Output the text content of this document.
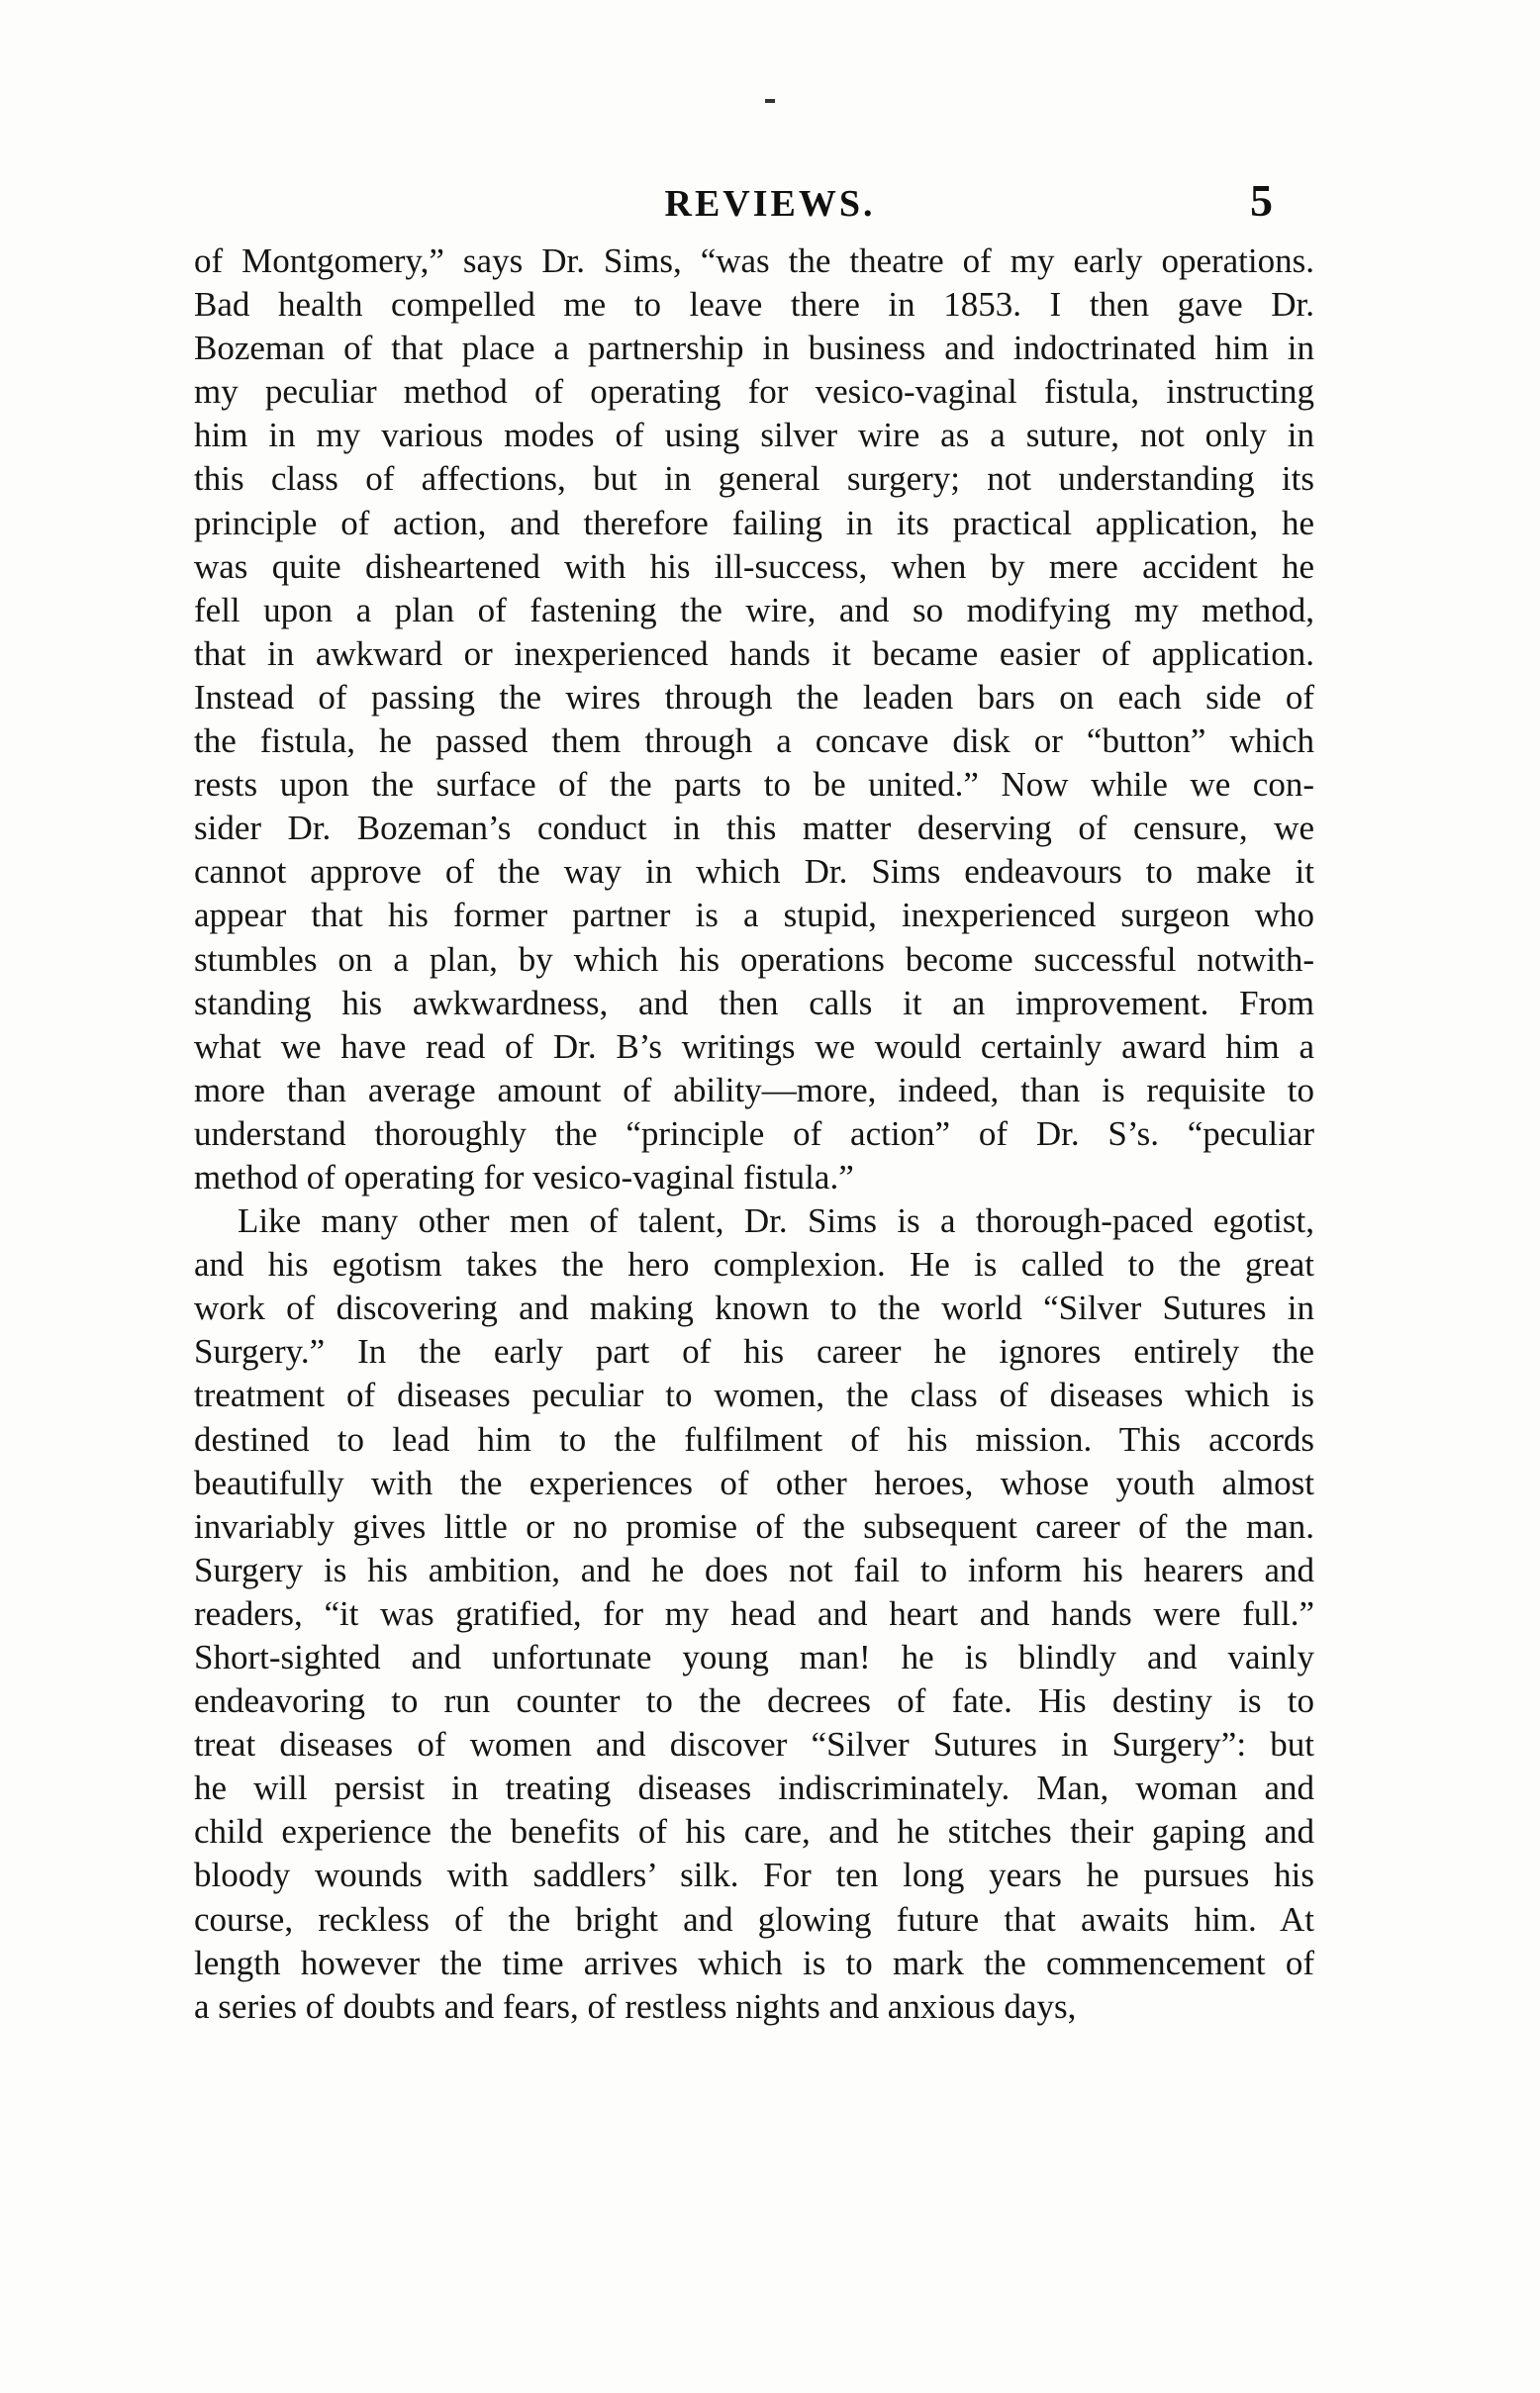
REVIEWS.	5
of Montgomery,” says Dr. Sims, “was the theatre of my early operations.
Bad health compelled me to leave there in 1853. I then gave Dr.
Bozeman of that place a partnership in business and indoctrinated him in
my peculiar method of operating for vesico-vaginal fistula, instructing
him in my various modes of using silver wire as a suture, not only in
this class of affections, but in general surgery; not understanding its
principle of action, and therefore failing in its practical application, he
was quite disheartened with his ill-success, when by mere accident he
fell upon a plan of fastening the wire, and so modifying my method,
that in awkward or inexperienced hands it became easier of application.
Instead of passing the wires through the leaden bars on each side of
the fistula, he passed them through a concave disk or “button” which
rests upon the surface of the parts to be united.” Now while we con-
sider Dr. Bozeman’s conduct in this matter deserving of censure, we
cannot approve of the way in which Dr. Sims endeavours to make it
appear that his former partner is a stupid, inexperienced surgeon who
stumbles on a plan, by which his operations become successful notwith-
standing his awkwardness, and then calls it an improvement. From
what we have read of Dr. B’s writings we would certainly award him a
more than average amount of ability—more, indeed, than is requisite to
understand thoroughly the “principle of action” of Dr. S’s. “peculiar
method of operating for vesico-vaginal fistula.”
Like many other men of talent, Dr. Sims is a thorough-paced egotist,
and his egotism takes the hero complexion. He is called to the great
work of discovering and making known to the world “Silver Sutures in
Surgery.” In the early part of his career he ignores entirely the
treatment of diseases peculiar to women, the class of diseases which is
destined to lead him to the fulfilment of his mission. This accords
beautifully with the experiences of other heroes, whose youth almost
invariably gives little or no promise of the subsequent career of the man.
Surgery is his ambition, and he does not fail to inform his hearers and
readers, “it was gratified, for my head and heart and hands were full.”
Short-sighted and unfortunate young man! he is blindly and vainly
endeavoring to run counter to the decrees of fate. His destiny is to
treat diseases of women and discover “Silver Sutures in Surgery”: but
he will persist in treating diseases indiscriminately. Man, woman and
child experience the benefits of his care, and he stitches their gaping and
bloody wounds with saddlers’ silk. For ten long years he pursues his
course, reckless of the bright and glowing future that awaits him. At
length however the time arrives which is to mark the commencement of
a series of doubts and fears, of restless nights and anxious days,
